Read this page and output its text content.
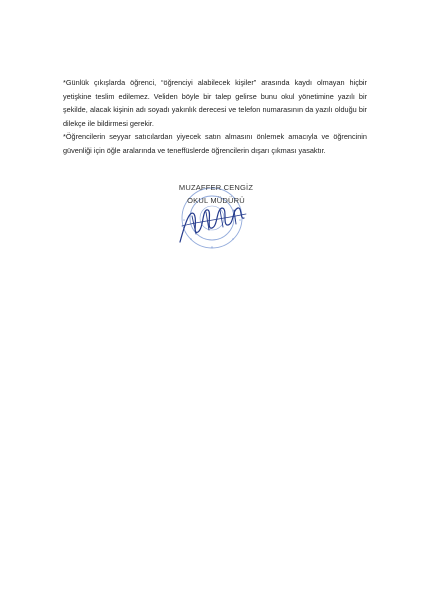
*Günlük çıkışlarda öğrenci, “öğrenciyi alabilecek kişiler” arasında kaydı olmayan hiçbir yetişkine teslim edilemez. Veliden böyle bir talep gelirse bunu okul yönetimine yazılı bir şekilde, alacak kişinin adı soyadı yakınlık derecesi ve telefon numarasının da yazılı olduğu bir dilekçe ile bildirmesi gerekir.

*Öğrencilerin seyyar satıcılardan yiyecek satın almasını önlemek amacıyla ve öğrencinin güvenliği için öğle aralarında ve teneffüslerde öğrencilerin dışarı çıkması yasaktır.

MUZAFFER CENGİZ
OKUL MÜDÜRÜ
